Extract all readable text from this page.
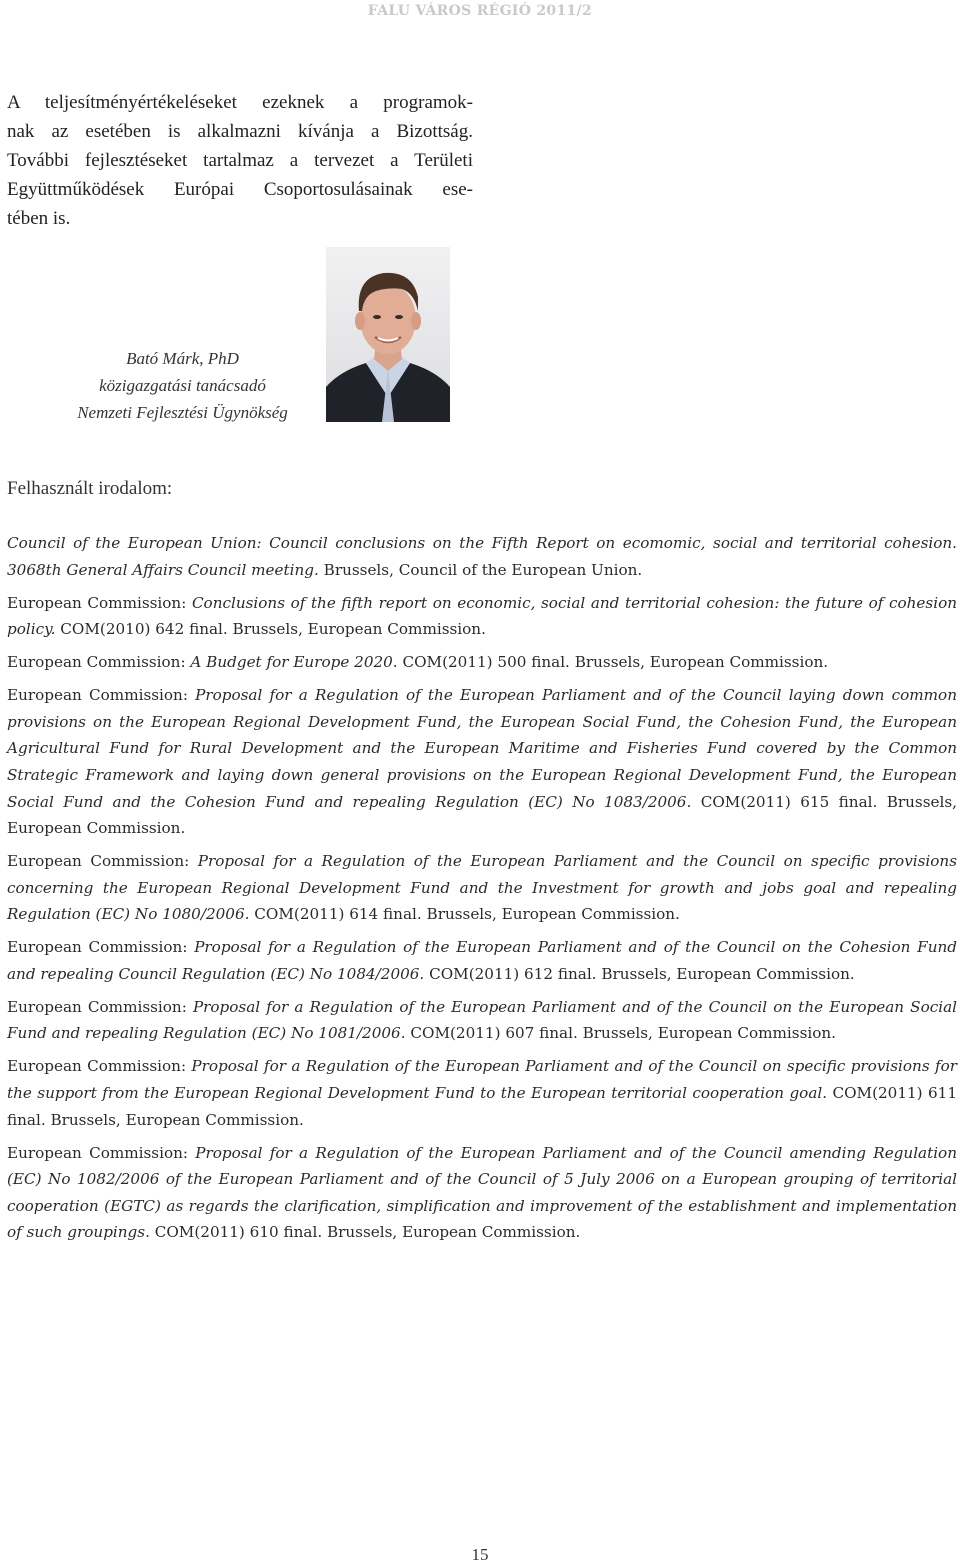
FALU VÁROS RÉGIÓ 2011/2
A teljesítményértékeléseket ezeknek a programok-
nak az esetében is alkalmazni kívánja a Bizottság.
További fejlesztéseket tartalmaz a tervezet a Területi
Együttműködések Európai Csoportosulásainak ese-
tében is.
Bató Márk, PhD
közigazgatási tanácsadó
Nemzeti Fejlesztési Ügynökség
Felhasznált irodalom:

Council of the European Union: Council conclusions on the Fifth Report on ecomomic, social and territorial cohesion. 3068th General Affairs Council meeting. Brussels, Council of the European Union.

European Commission: Conclusions of the fifth report on economic, social and territorial cohesion: the future of cohesion policy. COM(2010) 642 final. Brussels, European Commission.

European Commission: A Budget for Europe 2020. COM(2011) 500 final. Brussels, European Commission.

European Commission: Proposal for a Regulation of the European Parliament and of the Council laying down common provisions on the European Regional Development Fund, the European Social Fund, the Cohesion Fund, the European Agricultural Fund for Rural Development and the European Maritime and Fisheries Fund covered by the Common Strategic Framework and laying down general provisions on the European Regional Development Fund, the European Social Fund and the Cohesion Fund and repealing Regulation (EC) No 1083/2006. COM(2011) 615 final. Brussels, European Commission.

European Commission: Proposal for a Regulation of the European Parliament and the Council on specific provisions concerning the European Regional Development Fund and the Investment for growth and jobs goal and repealing Regulation (EC) No 1080/2006. COM(2011) 614 final. Brussels, European Commission.

European Commission: Proposal for a Regulation of the European Parliament and of the Council on the Cohesion Fund and repealing Council Regulation (EC) No 1084/2006. COM(2011) 612 final. Brussels, European Commission.

European Commission: Proposal for a Regulation of the European Parliament and of the Council on the European Social Fund and repealing Regulation (EC) No 1081/2006. COM(2011) 607 final. Brussels, European Commission.

European Commission: Proposal for a Regulation of the European Parliament and of the Council on specific provisions for the support from the European Regional Development Fund to the European territorial cooperation goal. COM(2011) 611 final. Brussels, European Commission.

European Commission: Proposal for a Regulation of the European Parliament and of the Council amending Regulation (EC) No 1082/2006 of the European Parliament and of the Council of 5 July 2006 on a European grouping of territorial cooperation (EGTC) as regards the clarification, simplification and improvement of the establishment and implementation of such groupings. COM(2011) 610 final. Brussels, European Commission.

15
